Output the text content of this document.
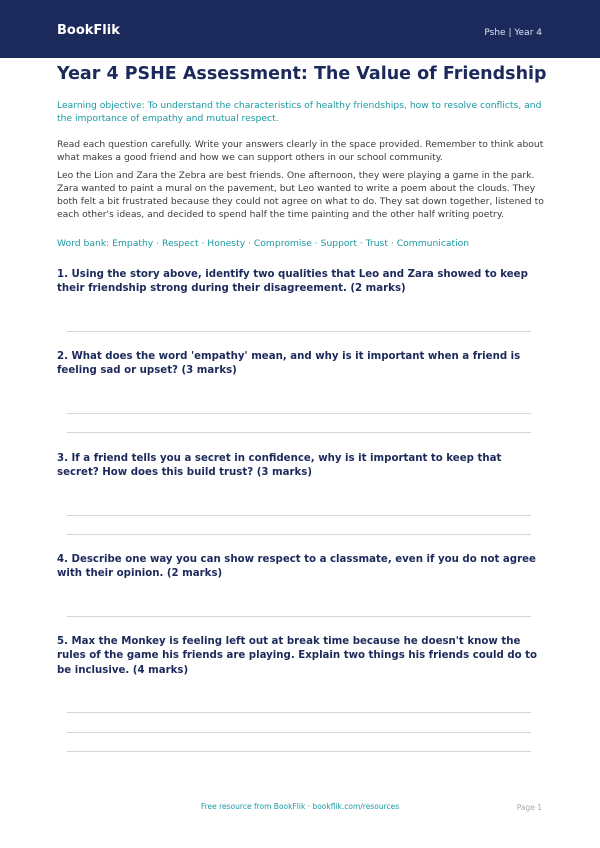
BookFlik	Pshe | Year 4
Year 4 PSHE Assessment: The Value of Friendship

Learning objective: To understand the characteristics of healthy friendships, how to resolve conflicts, and the importance of empathy and mutual respect.

Read each question carefully. Write your answers clearly in the space provided. Remember to think about what makes a good friend and how we can support others in our school community.

Leo the Lion and Zara the Zebra are best friends. One afternoon, they were playing a game in the park. Zara wanted to paint a mural on the pavement, but Leo wanted to write a poem about the clouds. They both felt a bit frustrated because they could not agree on what to do. They sat down together, listened to each other's ideas, and decided to spend half the time painting and the other half writing poetry.

Word bank: Empathy · Respect · Honesty · Compromise · Support · Trust · Communication

1. Using the story above, identify two qualities that Leo and Zara showed to keep their friendship strong during their disagreement. (2 marks)

2. What does the word 'empathy' mean, and why is it important when a friend is feeling sad or upset? (3 marks)

3. If a friend tells you a secret in confidence, why is it important to keep that secret? How does this build trust? (3 marks)

4. Describe one way you can show respect to a classmate, even if you do not agree with their opinion. (2 marks)

5. Max the Monkey is feeling left out at break time because he doesn't know the rules of the game his friends are playing. Explain two things his friends could do to be inclusive. (4 marks)

Free resource from BookFlik · bookflik.com/resources	Page 1
